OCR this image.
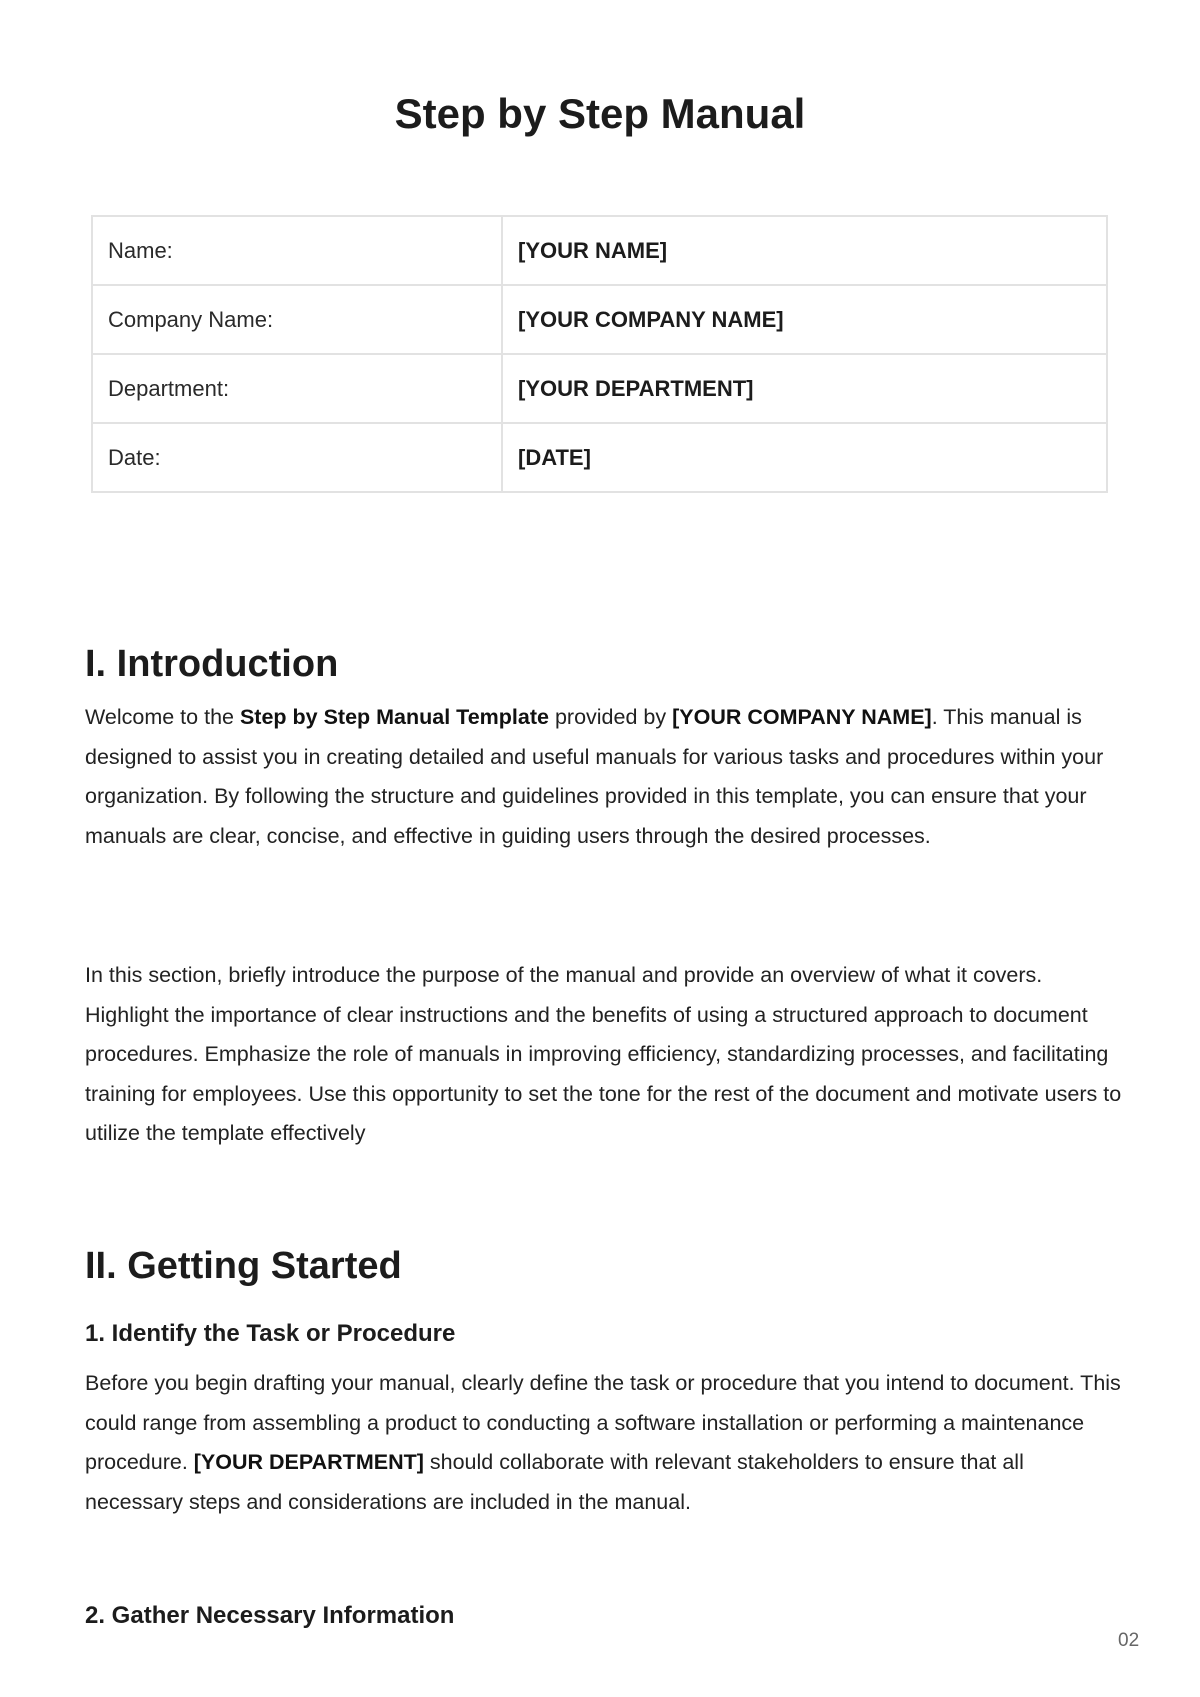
Step by Step Manual
Name:	[YOUR NAME]
Company Name:	[YOUR COMPANY NAME]
Department:	[YOUR DEPARTMENT]
Date:	[DATE]
I. Introduction

Welcome to the Step by Step Manual Template provided by [YOUR COMPANY NAME]. This manual is designed to assist you in creating detailed and useful manuals for various tasks and procedures within your organization. By following the structure and guidelines provided in this template, you can ensure that your manuals are clear, concise, and effective in guiding users through the desired processes.

In this section, briefly introduce the purpose of the manual and provide an overview of what it covers. Highlight the importance of clear instructions and the benefits of using a structured approach to document procedures. Emphasize the role of manuals in improving efficiency, standardizing processes, and facilitating training for employees. Use this opportunity to set the tone for the rest of the document and motivate users to utilize the template effectively

II. Getting Started
1. Identify the Task or Procedure

Before you begin drafting your manual, clearly define the task or procedure that you intend to document. This could range from assembling a product to conducting a software installation or performing a maintenance procedure. [YOUR DEPARTMENT] should collaborate with relevant stakeholders to ensure that all necessary steps and considerations are included in the manual.

2. Gather Necessary Information
02
